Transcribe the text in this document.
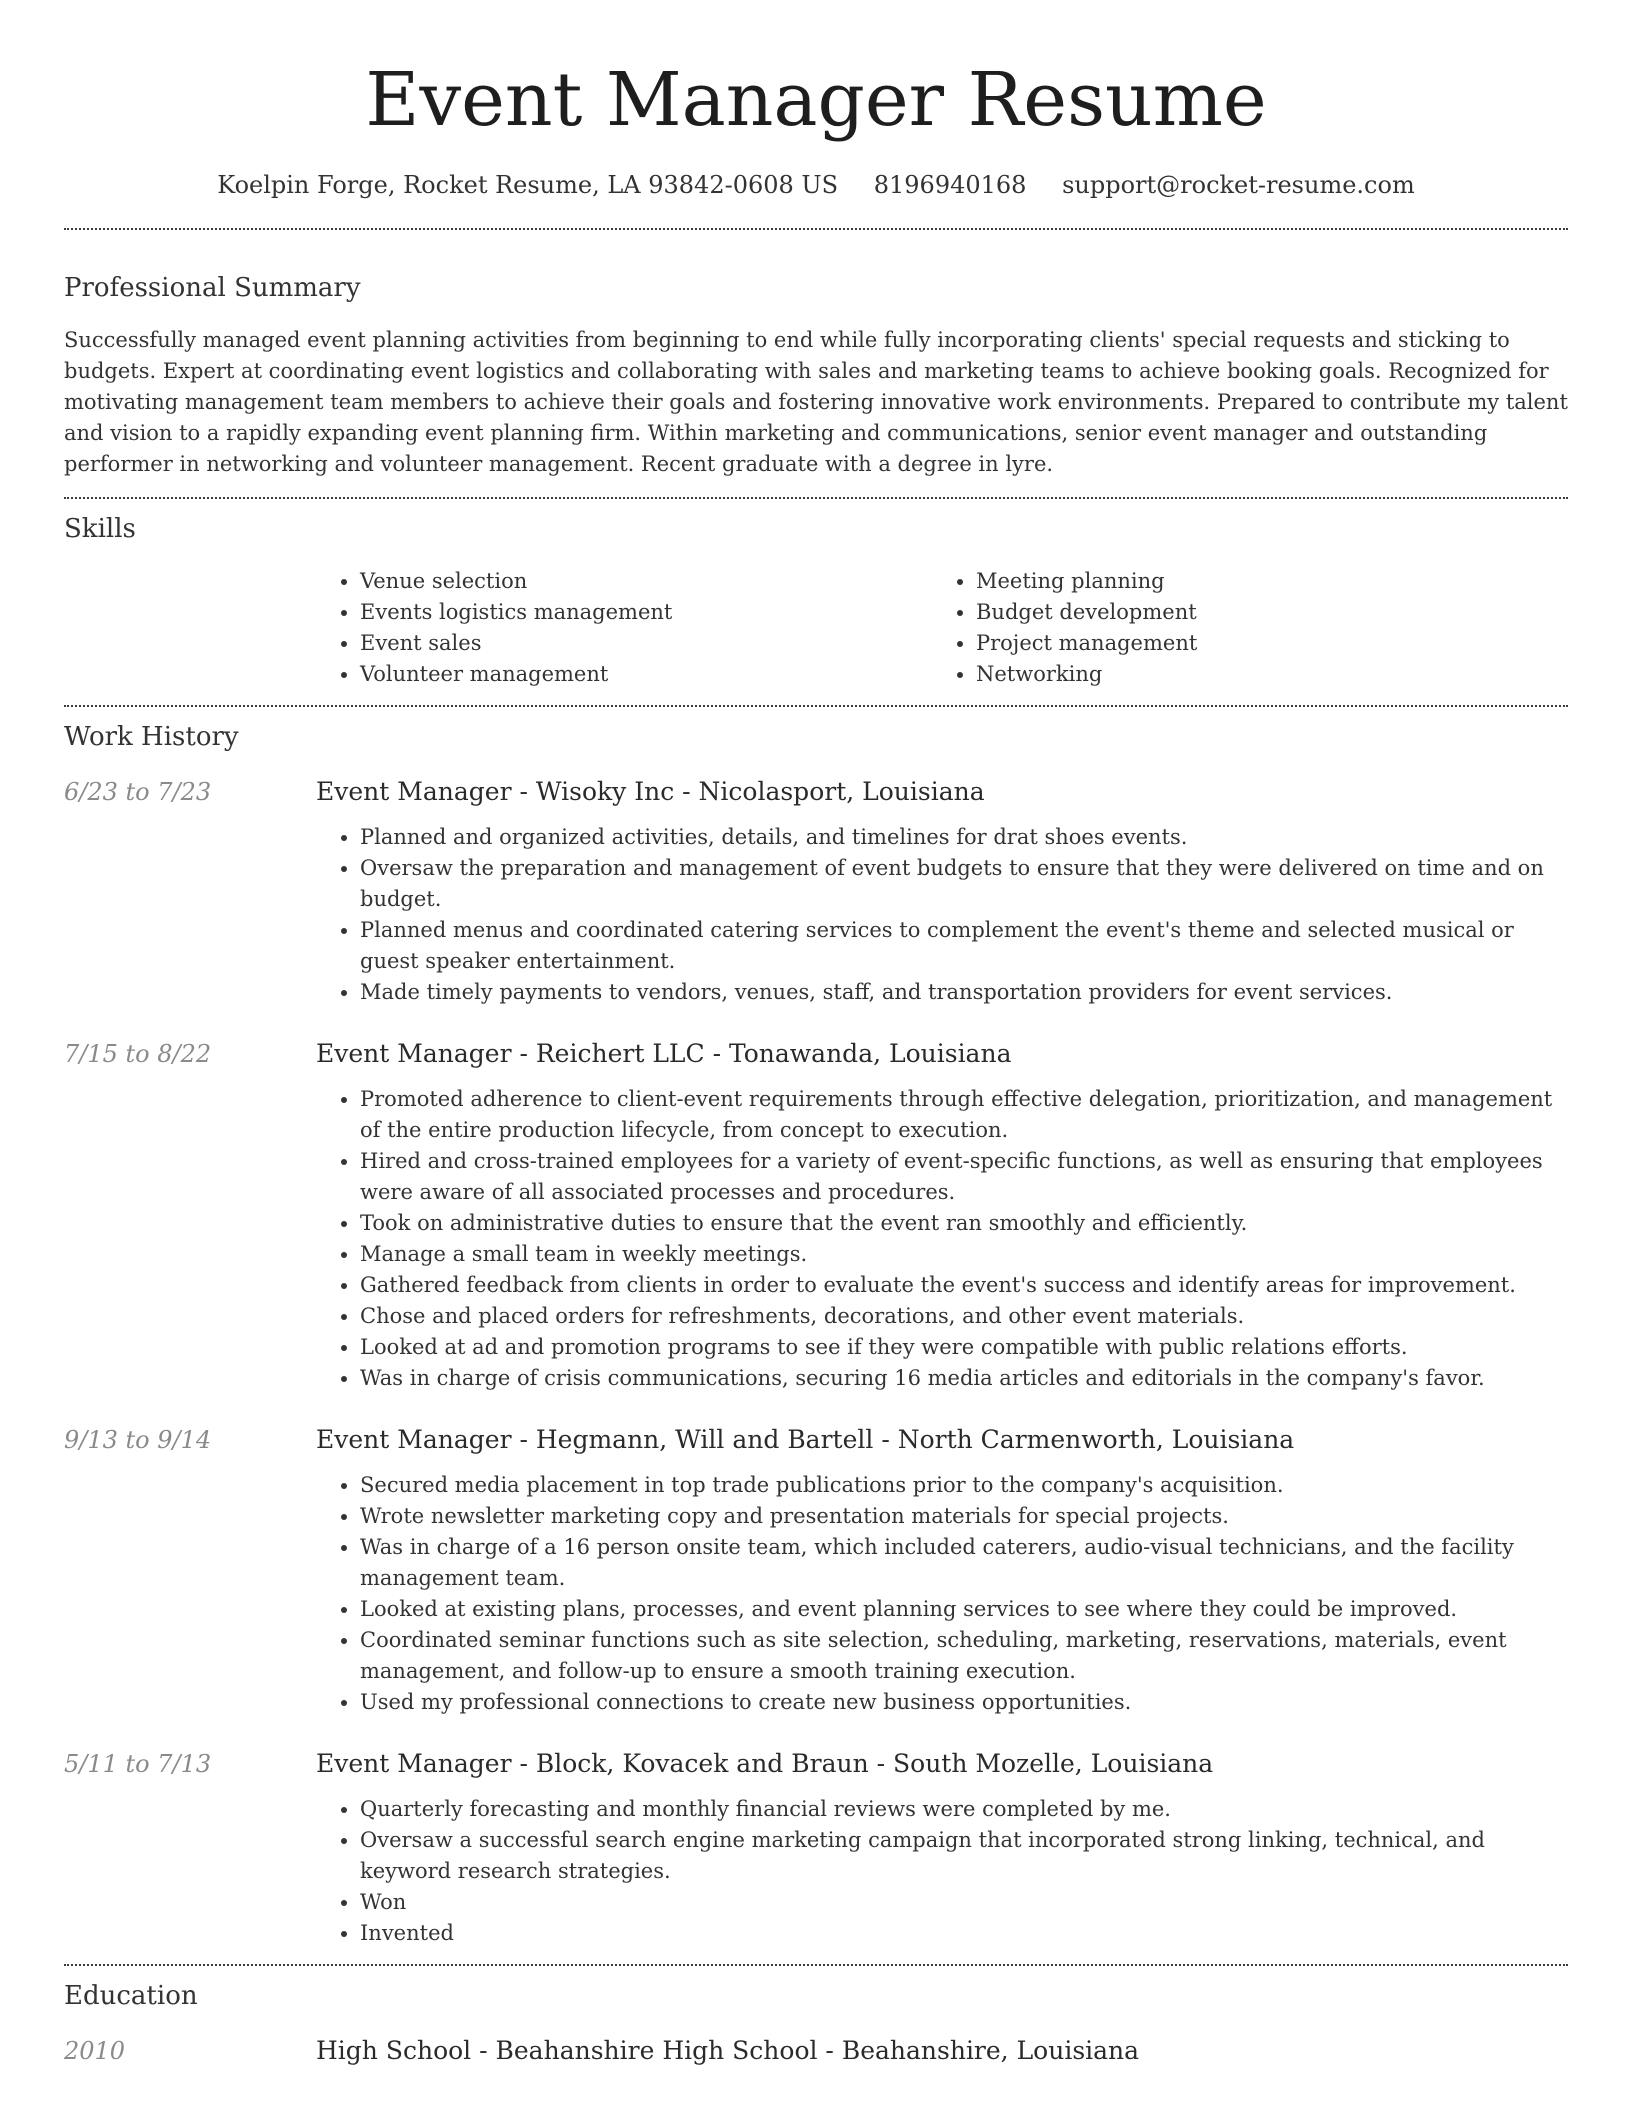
Event Manager Resume
Koelpin Forge, Rocket Resume, LA 93842-0608 US 8196940168 support@rocket-resume.com
Professional Summary

Successfully managed event planning activities from beginning to end while fully incorporating clients' special requests and sticking to budgets. Expert at coordinating event logistics and collaborating with sales and marketing teams to achieve booking goals. Recognized for motivating management team members to achieve their goals and fostering innovative work environments. Prepared to contribute my talent and vision to a rapidly expanding event planning firm. Within marketing and communications, senior event manager and outstanding performer in networking and volunteer management. Recent graduate with a degree in lyre.

Skills
• Venue selection
• Events logistics management
• Event sales
• Volunteer management
• Meeting planning
• Budget development
• Project management
• Networking
Work History
6/23 to 7/23	Event Manager - Wisoky Inc - Nicolasport, Louisiana
• Planned and organized activities, details, and timelines for drat shoes events.
• Oversaw the preparation and management of event budgets to ensure that they were delivered on time and on budget.
• Planned menus and coordinated catering services to complement the event's theme and selected musical or guest speaker entertainment.
• Made timely payments to vendors, venues, staff, and transportation providers for event services.
7/15 to 8/22	Event Manager - Reichert LLC - Tonawanda, Louisiana
• Promoted adherence to client-event requirements through effective delegation, prioritization, and management of the entire production lifecycle, from concept to execution.
• Hired and cross-trained employees for a variety of event-specific functions, as well as ensuring that employees were aware of all associated processes and procedures.
• Took on administrative duties to ensure that the event ran smoothly and efficiently.
• Manage a small team in weekly meetings.
• Gathered feedback from clients in order to evaluate the event's success and identify areas for improvement.
• Chose and placed orders for refreshments, decorations, and other event materials.
• Looked at ad and promotion programs to see if they were compatible with public relations efforts.
• Was in charge of crisis communications, securing 16 media articles and editorials in the company's favor.
9/13 to 9/14	Event Manager - Hegmann, Will and Bartell - North Carmenworth, Louisiana
• Secured media placement in top trade publications prior to the company's acquisition.
• Wrote newsletter marketing copy and presentation materials for special projects.
• Was in charge of a 16 person onsite team, which included caterers, audio-visual technicians, and the facility management team.
• Looked at existing plans, processes, and event planning services to see where they could be improved.
• Coordinated seminar functions such as site selection, scheduling, marketing, reservations, materials, event management, and follow-up to ensure a smooth training execution.
• Used my professional connections to create new business opportunities.
5/11 to 7/13	Event Manager - Block, Kovacek and Braun - South Mozelle, Louisiana
• Quarterly forecasting and monthly financial reviews were completed by me.
• Oversaw a successful search engine marketing campaign that incorporated strong linking, technical, and keyword research strategies.
• Won
• Invented
Education
2010	High School - Beahanshire High School - Beahanshire, Louisiana
